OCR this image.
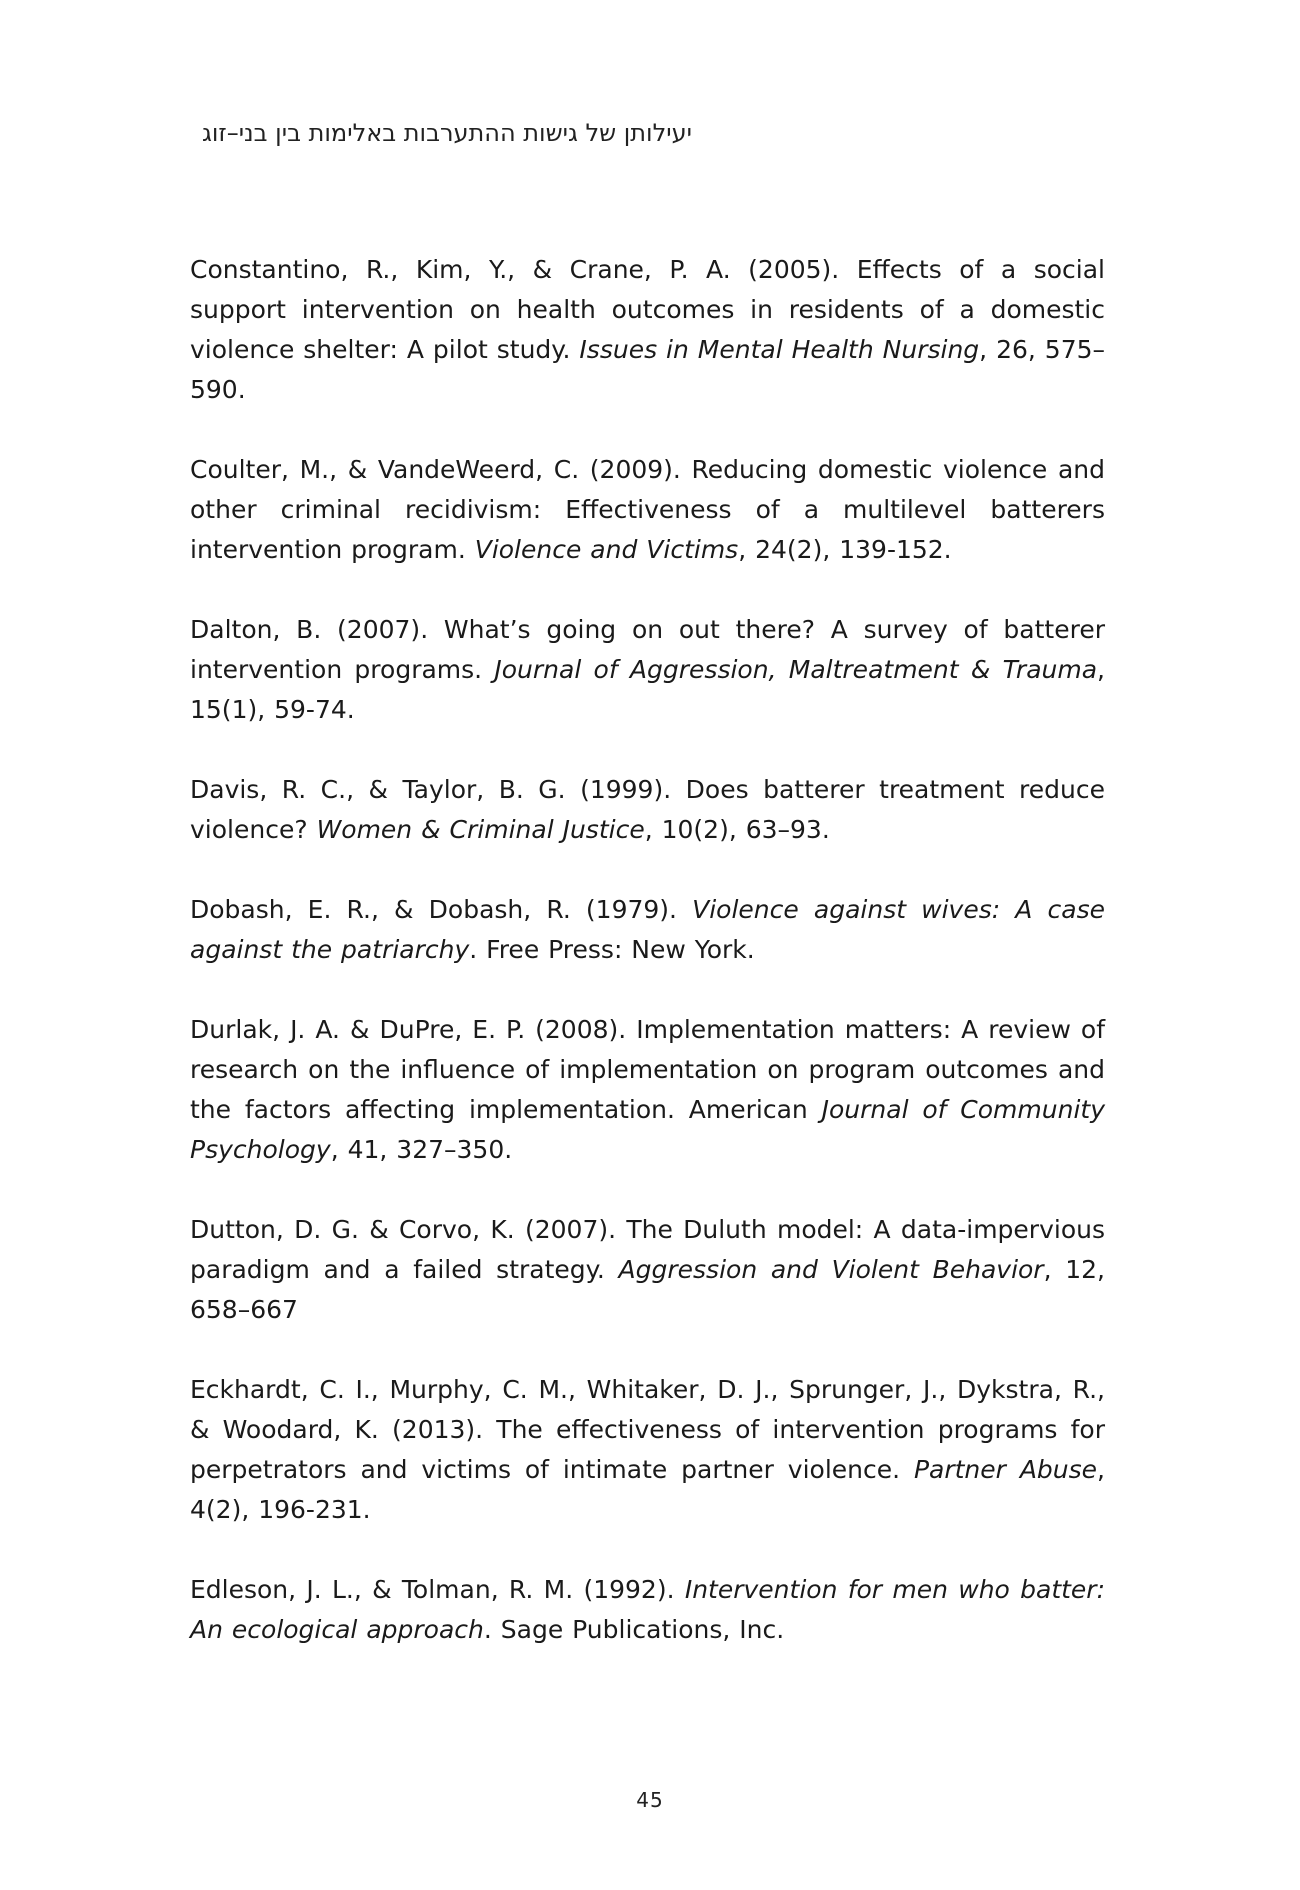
יעילותן של גישות ההתערבות באלימות בין בני–זוג

Constantino, R., Kim, Y., & Crane, P. A. (2005). Effects of a social support intervention on health outcomes in residents of a domestic violence shelter: A pilot study. Issues in Mental Health Nursing, 26, 575–590.

Coulter, M., & VandeWeerd, C. (2009). Reducing domestic violence and other criminal recidivism: Effectiveness of a multilevel batterers intervention program. Violence and Victims, 24(2), 139-152.

Dalton, B. (2007). What’s going on out there? A survey of batterer intervention programs. Journal of Aggression, Maltreatment & Trauma, 15(1), 59-74.

Davis, R. C., & Taylor, B. G. (1999). Does batterer treatment reduce violence? Women & Criminal Justice, 10(2), 63–93.

Dobash, E. R., & Dobash, R. (1979). Violence against wives: A case against the patriarchy. Free Press: New York.

Durlak, J. A. & DuPre, E. P. (2008). Implementation matters: A review of research on the influence of implementation on program outcomes and the factors affecting implementation. American Journal of Community Psychology, 41, 327–350.

Dutton, D. G. & Corvo, K. (2007). The Duluth model: A data-impervious paradigm and a failed strategy. Aggression and Violent Behavior, 12, 658–667

Eckhardt, C. I., Murphy, C. M., Whitaker, D. J., Sprunger, J., Dykstra, R., & Woodard, K. (2013). The effectiveness of intervention programs for perpetrators and victims of intimate partner violence. Partner Abuse, 4(2), 196-231.

Edleson, J. L., & Tolman, R. M. (1992). Intervention for men who batter: An ecological approach. Sage Publications, Inc.

45
